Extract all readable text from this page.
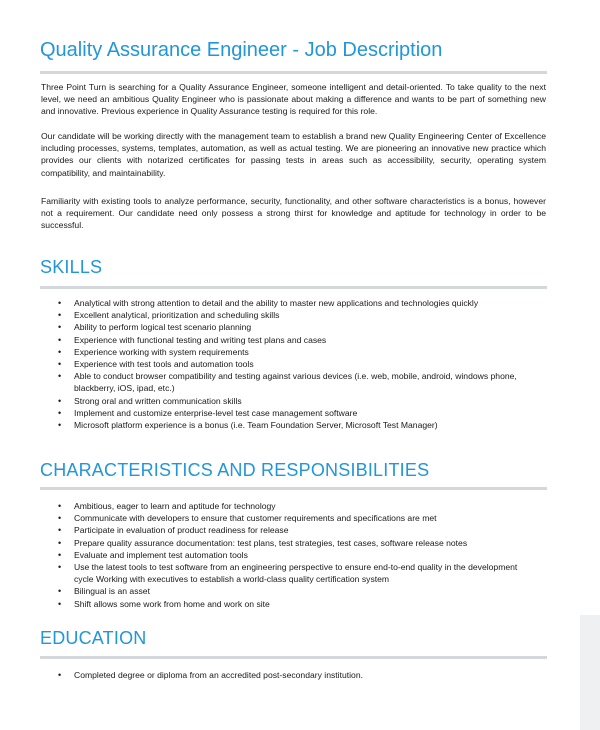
Quality Assurance Engineer - Job Description

Three Point Turn is searching for a Quality Assurance Engineer, someone intelligent and detail-oriented. To take quality to the next level, we need an ambitious Quality Engineer who is passionate about making a difference and wants to be part of something new and innovative. Previous experience in Quality Assurance testing is required for this role.

Our candidate will be working directly with the management team to establish a brand new Quality Engineering Center of Excellence including processes, systems, templates, automation, as well as actual testing. We are pioneering an innovative new practice which provides our clients with notarized certificates for passing tests in areas such as accessibility, security, operating system compatibility, and maintainability.

Familiarity with existing tools to analyze performance, security, functionality, and other software characteristics is a bonus, however not a requirement. Our candidate need only possess a strong thirst for knowledge and aptitude for technology in order to be successful.

SKILLS
• Analytical with strong attention to detail and the ability to master new applications and technologies quickly
• Excellent analytical, prioritization and scheduling skills
• Ability to perform logical test scenario planning
• Experience with functional testing and writing test plans and cases
• Experience working with system requirements
• Experience with test tools and automation tools
• Able to conduct browser compatibility and testing against various devices (i.e. web, mobile, android, windows phone, blackberry, iOS, ipad, etc.)
• Strong oral and written communication skills
• Implement and customize enterprise-level test case management software
• Microsoft platform experience is a bonus (i.e. Team Foundation Server, Microsoft Test Manager)
CHARACTERISTICS AND RESPONSIBILITIES
• Ambitious, eager to learn and aptitude for technology
• Communicate with developers to ensure that customer requirements and specifications are met
• Participate in evaluation of product readiness for release
• Prepare quality assurance documentation: test plans, test strategies, test cases, software release notes
• Evaluate and implement test automation tools
• Use the latest tools to test software from an engineering perspective to ensure end-to-end quality in the development cycle Working with executives to establish a world-class quality certification system
• Bilingual is an asset
• Shift allows some work from home and work on site
EDUCATION
• Completed degree or diploma from an accredited post-secondary institution.
